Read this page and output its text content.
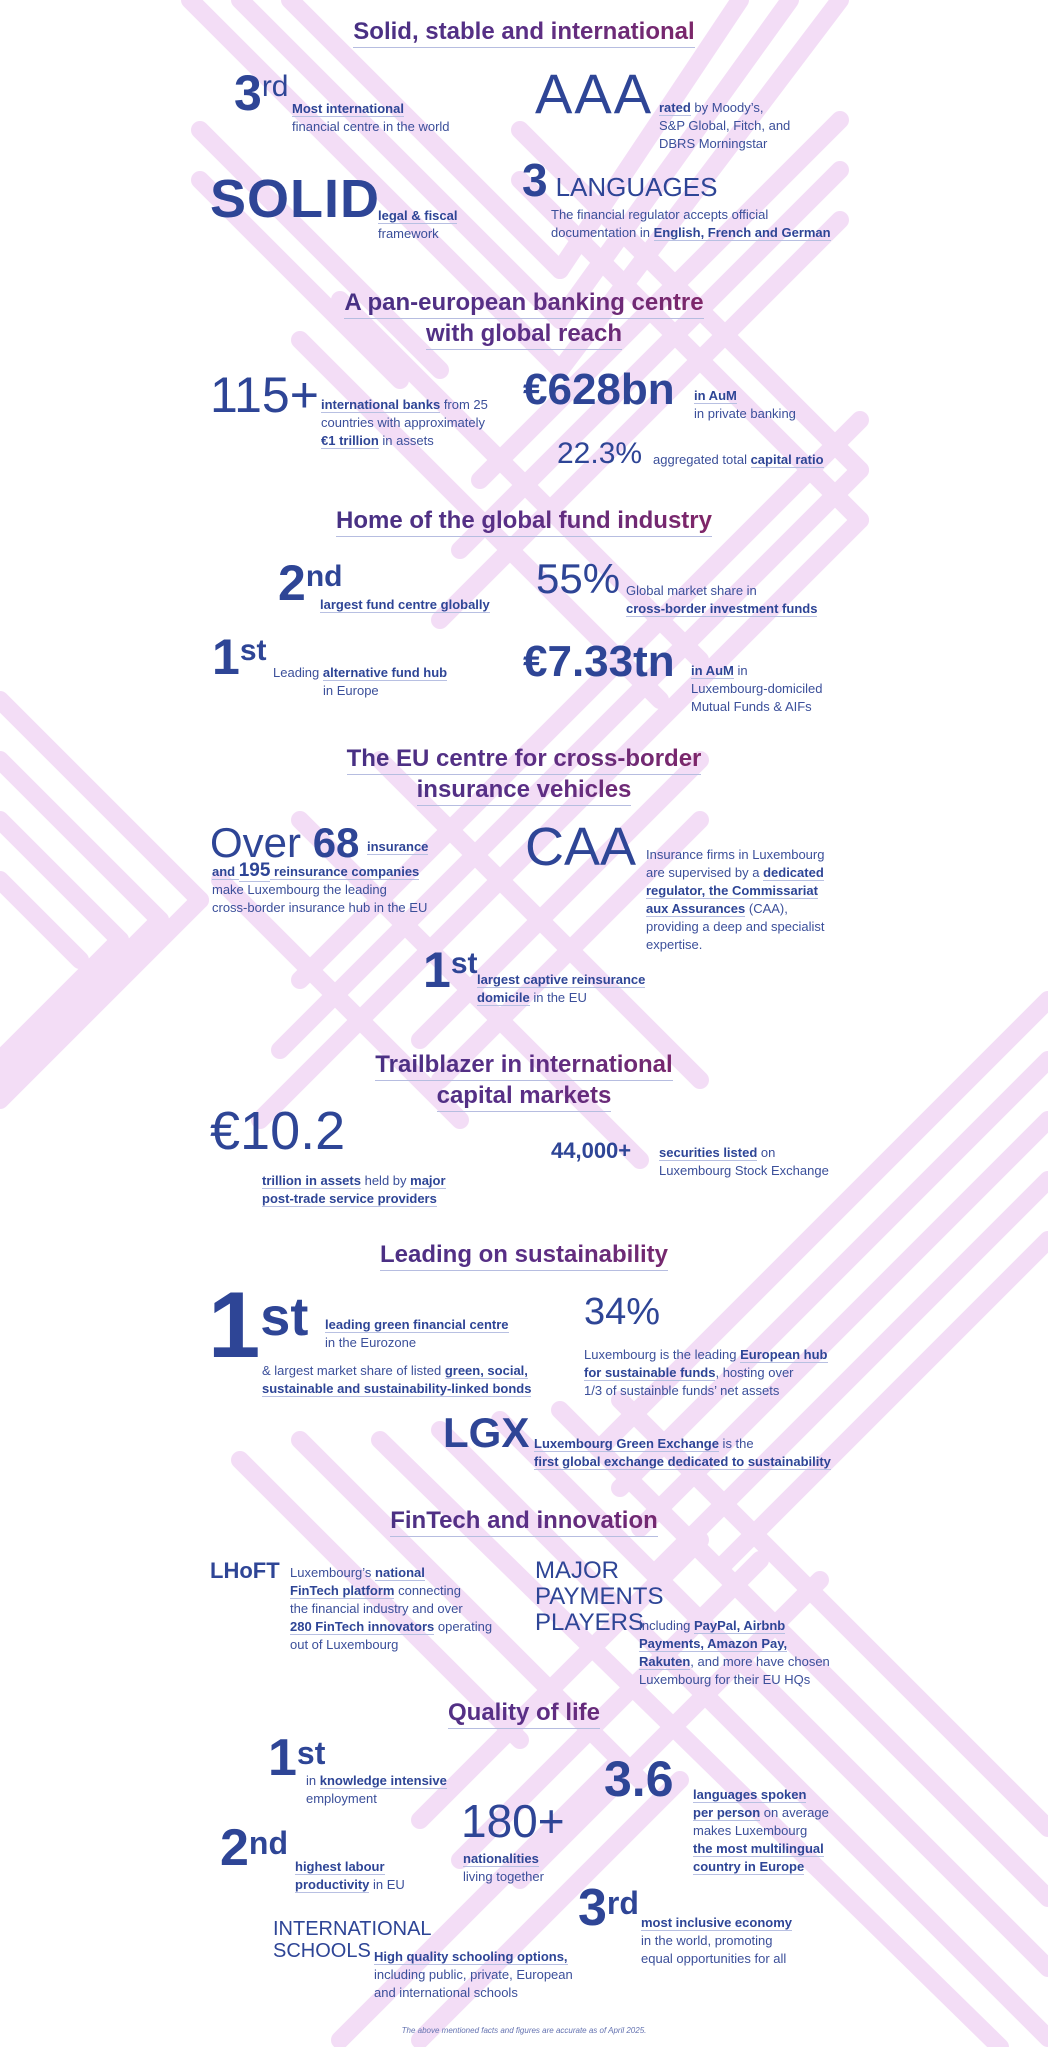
Solid, stable and international
3rd
Most international
financial centre in the world
AAA rated by Moody’s,
S&P Global, Fitch, and
DBRS Morningstar
SOLID
legal & fiscal
framework
3 LANGUAGES
The financial regulator accepts official
documentation in English, French and German
A pan-european banking centre
with global reach
115+ international banks from 25
countries with approximately
€1 trillion in assets
€628bn in AuM
in private banking
22.3% aggregated total capital ratio
Home of the global fund industry
2nd
largest fund centre globally
55% Global market share in
cross-border investment funds
1st
Leading alternative fund hub
in Europe
€7.33tn in AuM in
Luxembourg-domiciled
Mutual Funds & AIFs
The EU centre for cross-border
insurance vehicles
Over 68 insurance
and 195 reinsurance companies
make Luxembourg the leading
cross-border insurance hub in the EU
CAA Insurance firms in Luxembourg
are supervised by a dedicated
regulator, the Commissariat
aux Assurances (CAA),
providing a deep and specialist
expertise.
1st largest captive reinsurance
domicile in the EU
Trailblazer in international
capital markets
€10.2
trillion in assets held by major
post-trade service providers
44,000+ securities listed on
Luxembourg Stock Exchange
Leading on sustainability
1st leading green financial centre
in the Eurozone
& largest market share of listed green, social,
sustainable and sustainability-linked bonds
34%
Luxembourg is the leading European hub
for sustainable funds, hosting over
1/3 of sustainble funds’ net assets
LGX Luxembourg Green Exchange is the
first global exchange dedicated to sustainability
FinTech and innovation
LHoFT Luxembourg’s national
FinTech platform connecting
the financial industry and over
280 FinTech innovators operating
out of Luxembourg
MAJOR
PAYMENTS
PLAYERS
including PayPal, Airbnb
Payments, Amazon Pay,
Rakuten, and more have chosen
Luxembourg for their EU HQs
Quality of life
1st
in knowledge intensive
employment	3.6 languages spoken
per person on average
makes Luxembourg
the most multilingual
country in Europe
180+
nationalities
living together
2nd
highest labour
productivity in EU	3rd
most inclusive economy
in the world, promoting
equal opportunities for all
INTERNATIONAL
SCHOOLS High quality schooling options,
including public, private, European
and international schools
The above mentioned facts and figures are accurate as of April 2025.
